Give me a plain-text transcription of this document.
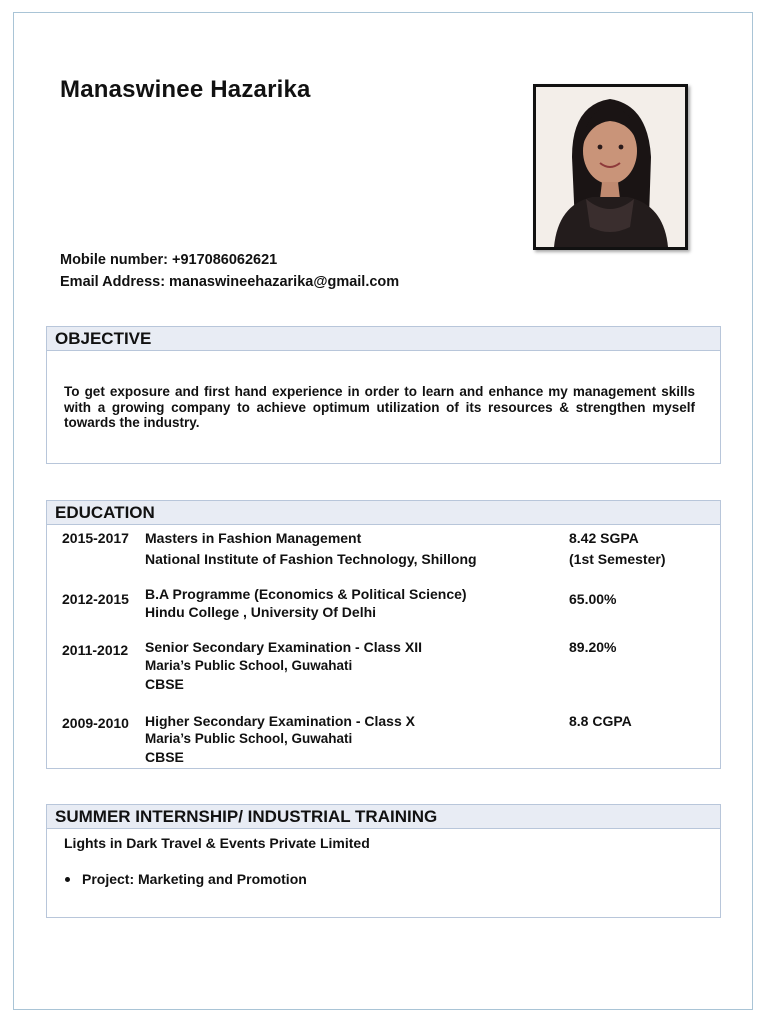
Manaswinee Hazarika
Mobile number: +917086062621
Email Address: manaswineehazarika@gmail.com
OBJECTIVE
To get exposure and first hand experience in order to learn and enhance my management skills with a growing company to achieve optimum utilization of its resources & strengthen myself towards the industry.
EDUCATION
2015-2017 Masters in Fashion Management
National Institute of Fashion Technology, Shillong
8.42 SGPA
(1st Semester)
2012-2015 B.A Programme (Economics & Political Science)
Hindu College , University Of Delhi
65.00%
2011-2012 Senior Secondary Examination - Class XII
Maria’s Public School, Guwahati
CBSE
89.20%
2009-2010 Higher Secondary Examination - Class X
Maria’s Public School, Guwahati
CBSE
8.8 CGPA
SUMMER INTERNSHIP/ INDUSTRIAL TRAINING
Lights in Dark Travel & Events Private Limited
Project: Marketing and Promotion
